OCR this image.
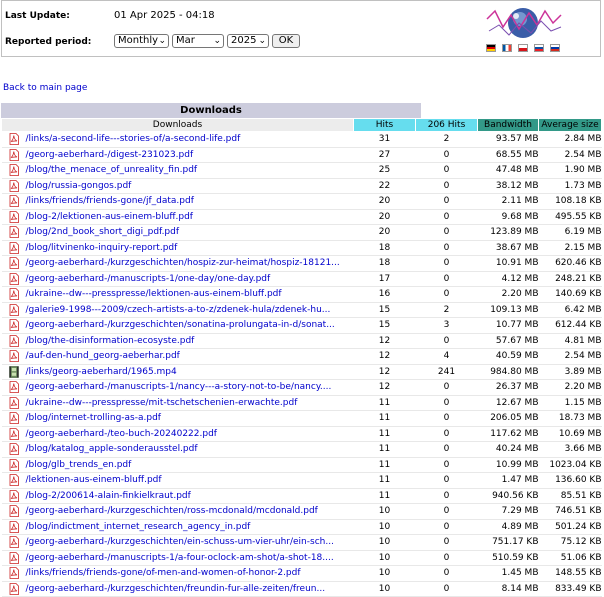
Last Update:	01 Apr 2025 - 04:18
Reported period:	Monthly ⌄	Mar ⌄	2025 ⌄	OK
Back to main page
Downloads
Downloads	Hits	206 Hits	Bandwidth	Average size
/links/a-second-life---stories-of/a-second-life.pdf	31	2	93.57 MB	2.84 MB
/georg-aeberhard-/digest-231023.pdf	27	0	68.55 MB	2.54 MB
/blog/the_menace_of_unreality_fin.pdf	25	0	47.48 MB	1.90 MB
/blog/russia-gongos.pdf	22	0	38.12 MB	1.73 MB
/links/friends/friends-gone/jf_data.pdf	20	0	2.11 MB	108.18 KB
/blog-2/lektionen-aus-einem-bluff.pdf	20	0	9.68 MB	495.55 KB
/blog/2nd_book_short_digi_pdf.pdf	20	0	123.89 MB	6.19 MB
/blog/litvinenko-inquiry-report.pdf	18	0	38.67 MB	2.15 MB
/georg-aeberhard-/kurzgeschichten/hospiz-zur-heimat/hospiz-18121...	18	0	10.91 MB	620.46 KB
/georg-aeberhard-/manuscripts-1/one-day/one-day.pdf	17	0	4.12 MB	248.21 KB
/ukraine--dw---presspresse/lektionen-aus-einem-bluff.pdf	16	0	2.20 MB	140.69 KB
/galerie9-1998---2009/czech-artists-a-to-z/zdenek-hula/zdenek-hu...	15	2	109.13 MB	6.42 MB
/georg-aeberhard-/kurzgeschichten/sonatina-prolungata-in-d/sonat...	15	3	10.77 MB	612.44 KB
/blog/the-disinformation-ecosyste.pdf	12	0	57.67 MB	4.81 MB
/auf-den-hund_georg-aeberhar.pdf	12	4	40.59 MB	2.54 MB
/links/georg-aeberhard/1965.mp4	12	241	984.80 MB	3.89 MB
/georg-aeberhard-/manuscripts-1/nancy---a-story-not-to-be/nancy....	12	0	26.37 MB	2.20 MB
/ukraine--dw---presspresse/mit-tschetschenien-erwachte.pdf	11	0	12.67 MB	1.15 MB
/blog/internet-trolling-as-a.pdf	11	0	206.05 MB	18.73 MB
/georg-aeberhard-/teo-buch-20240222.pdf	11	0	117.62 MB	10.69 MB
/blog/katalog_apple-sonderausstel.pdf	11	0	40.24 MB	3.66 MB
/blog/glb_trends_en.pdf	11	0	10.99 MB	1023.04 KB
/lektionen-aus-einem-bluff.pdf	11	0	1.47 MB	136.60 KB
/blog-2/200614-alain-finkielkraut.pdf	11	0	940.56 KB	85.51 KB
/georg-aeberhard-/kurzgeschichten/ross-mcdonald/mcdonald.pdf	10	0	7.29 MB	746.51 KB
/blog/indictment_internet_research_agency_in.pdf	10	0	4.89 MB	501.24 KB
/georg-aeberhard-/kurzgeschichten/ein-schuss-um-vier-uhr/ein-sch...	10	0	751.17 KB	75.12 KB
/georg-aeberhard-/manuscripts-1/a-four-oclock-am-shot/a-shot-18....	10	0	510.59 KB	51.06 KB
/links/friends/friends-gone/of-men-and-women-of-honor-2.pdf	10	0	1.45 MB	148.55 KB
/georg-aeberhard-/kurzgeschichten/freundin-fur-alle-zeiten/freun...	10	0	8.14 MB	833.49 KB
